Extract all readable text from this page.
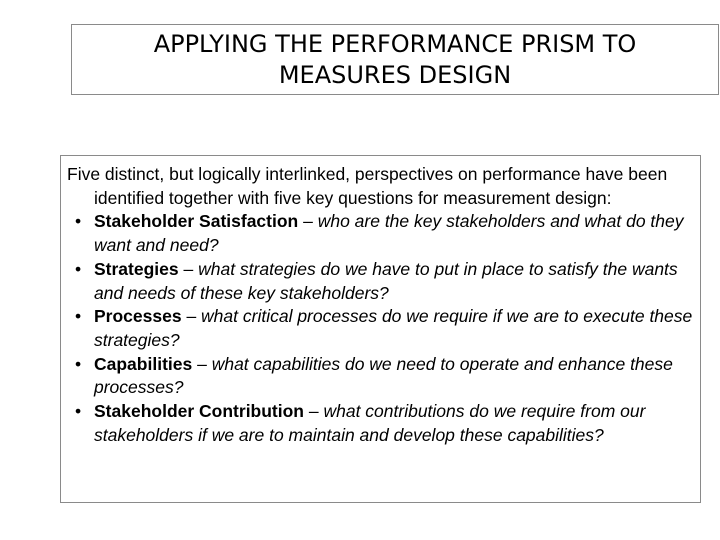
APPLYING THE PERFORMANCE PRISM TO
MEASURES DESIGN

Five distinct, but logically interlinked, perspectives on performance have been identified together with five key questions for measurement design:

• Stakeholder Satisfaction – who are the key stakeholders and what do they want and need?
• Strategies – what strategies do we have to put in place to satisfy the wants and needs of these key stakeholders?
• Processes – what critical processes do we require if we are to execute these strategies?
• Capabilities – what capabilities do we need to operate and enhance these processes?
• Stakeholder Contribution – what contributions do we require from our stakeholders if we are to maintain and develop these capabilities?
